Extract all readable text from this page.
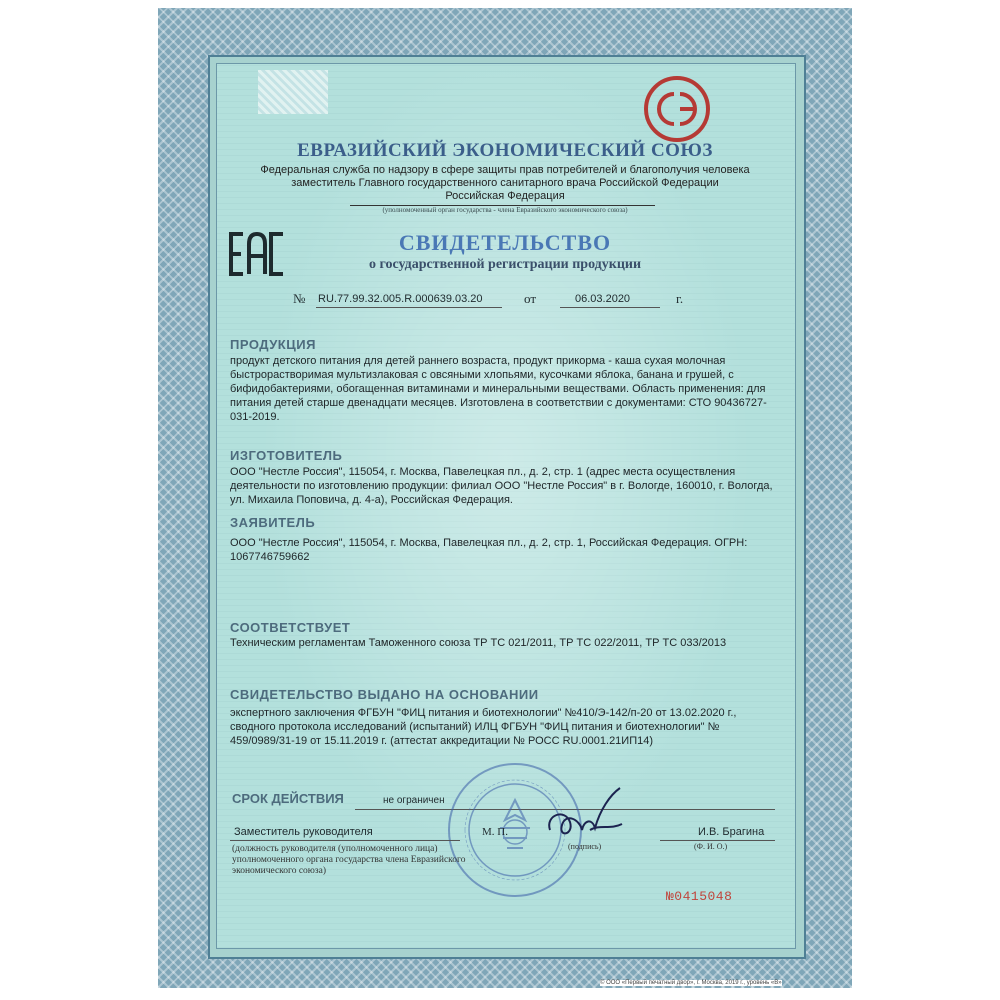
ЕВРАЗИЙСКИЙ ЭКОНОМИЧЕСКИЙ СОЮЗ
Федеральная служба по надзору в сфере защиты прав потребителей и благополучия человека
заместитель Главного государственного санитарного врача Российской Федерации
Российская Федерация
(уполномоченный орган государства - члена Евразийского экономического союза)
СВИДЕТЕЛЬСТВО
о государственной регистрации продукции
№ RU.77.99.32.005.R.000639.03.20	от	06.03.2020	г.
ПРОДУКЦИЯ
продукт детского питания для детей раннего возраста, продукт прикорма - каша сухая молочная быстрорастворимая мультизлаковая с овсяными хлопьями, кусочками яблока, банана и грушей, с бифидобактериями, обогащенная витаминами и минеральными веществами. Область применения: для питания детей старше двенадцати месяцев. Изготовлена в соответствии с документами: СТО 90436727-031-2019.
ИЗГОТОВИТЕЛЬ
ООО "Нестле Россия", 115054, г. Москва, Павелецкая пл., д. 2, стр. 1 (адрес места осуществления деятельности по изготовлению продукции: филиал ООО "Нестле Россия" в г. Вологде, 160010, г. Вологда, ул. Михаила Поповича, д. 4-а), Российская Федерация.
ЗАЯВИТЕЛЬ
ООО "Нестле Россия", 115054, г. Москва, Павелецкая пл., д. 2, стр. 1, Российская Федерация. ОГРН: 1067746759662
СООТВЕТСТВУЕТ
Техническим регламентам Таможенного союза ТР ТС 021/2011, ТР ТС 022/2011, ТР ТС 033/2013
СВИДЕТЕЛЬСТВО ВЫДАНО НА ОСНОВАНИИ
экспертного заключения ФГБУН "ФИЦ питания и биотехнологии" №410/Э-142/п-20 от 13.02.2020 г., сводного протокола исследований (испытаний) ИЛЦ ФГБУН "ФИЦ питания и биотехнологии" № 459/0989/31-19 от 15.11.2019 г. (аттестат аккредитации № РОСС RU.0001.21ИП14)
СРОК ДЕЙСТВИЯ	не ограничен
Заместитель руководителя	М. П.	И.В. Брагина
(подпись)	(Ф. И. О.)
(должность руководителя (уполномоченного лица) уполномоченного органа государства члена Евразийского экономического союза)
№0415048
© ООО «Первый печатный двор», г. Москва, 2019 г., уровень «В»
